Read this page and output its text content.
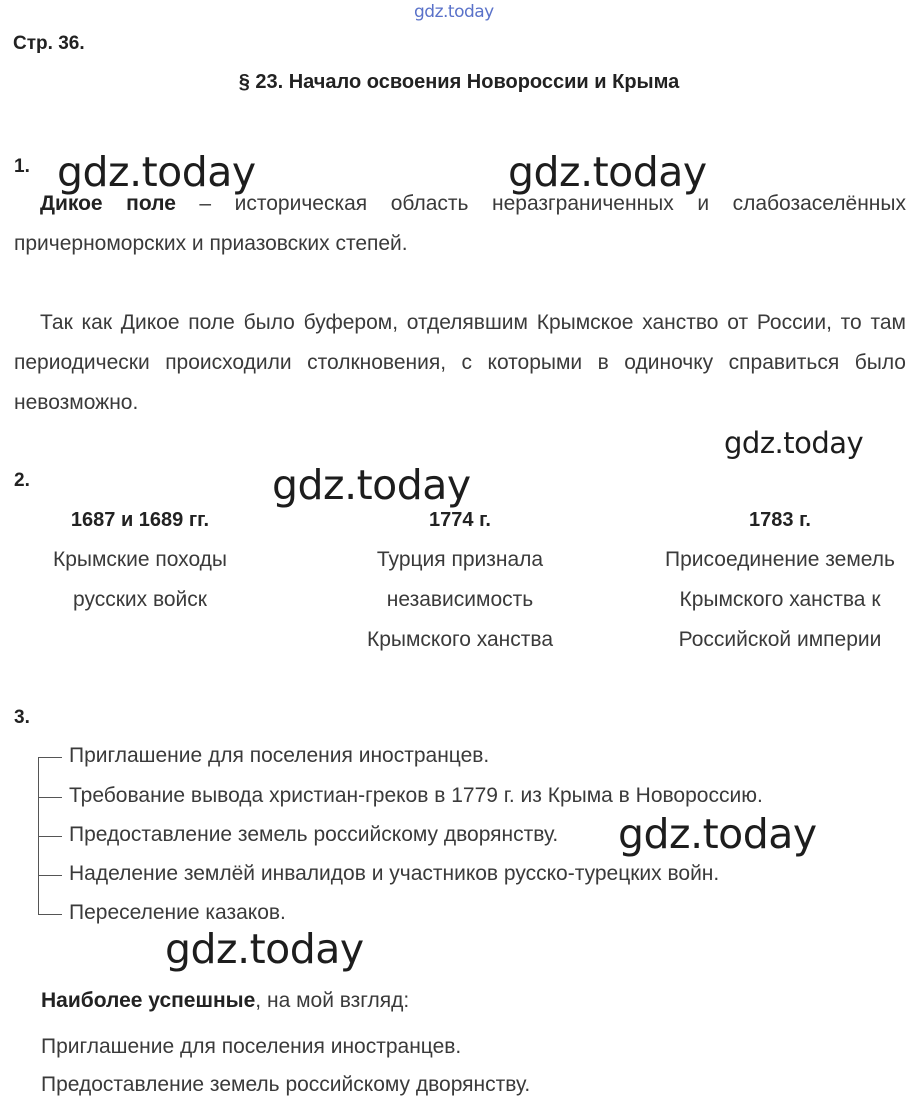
gdz.today
gdz.today	gdz.today
gdz.today
gdz.today
gdz.today
gdz.today
Стр. 36.
§ 23. Начало освоения Новороссии и Крыма
1.
Дикое поле – историческая область неразграниченных и слабозаселённых причерноморских и приазовских степей.
Так как Дикое поле было буфером, отделявшим Крымское ханство от России, то там периодически происходили столкновения, с которыми в одиночку справиться было невозможно.
2.
1687 и 1689 гг.
Крымские походы
русских войск
1774 г.
Турция признала
независимость
Крымского ханства
1783 г.
Присоединение земель
Крымского ханства к
Российской империи
3.
Приглашение для поселения иностранцев.
Требование вывода христиан-греков в 1779 г. из Крыма в Новороссию.
Предоставление земель российскому дворянству.
Наделение землёй инвалидов и участников русско-турецких войн.
Переселение казаков.
Наиболее успешные, на мой взгляд:
Приглашение для поселения иностранцев.
Предоставление земель российскому дворянству.
